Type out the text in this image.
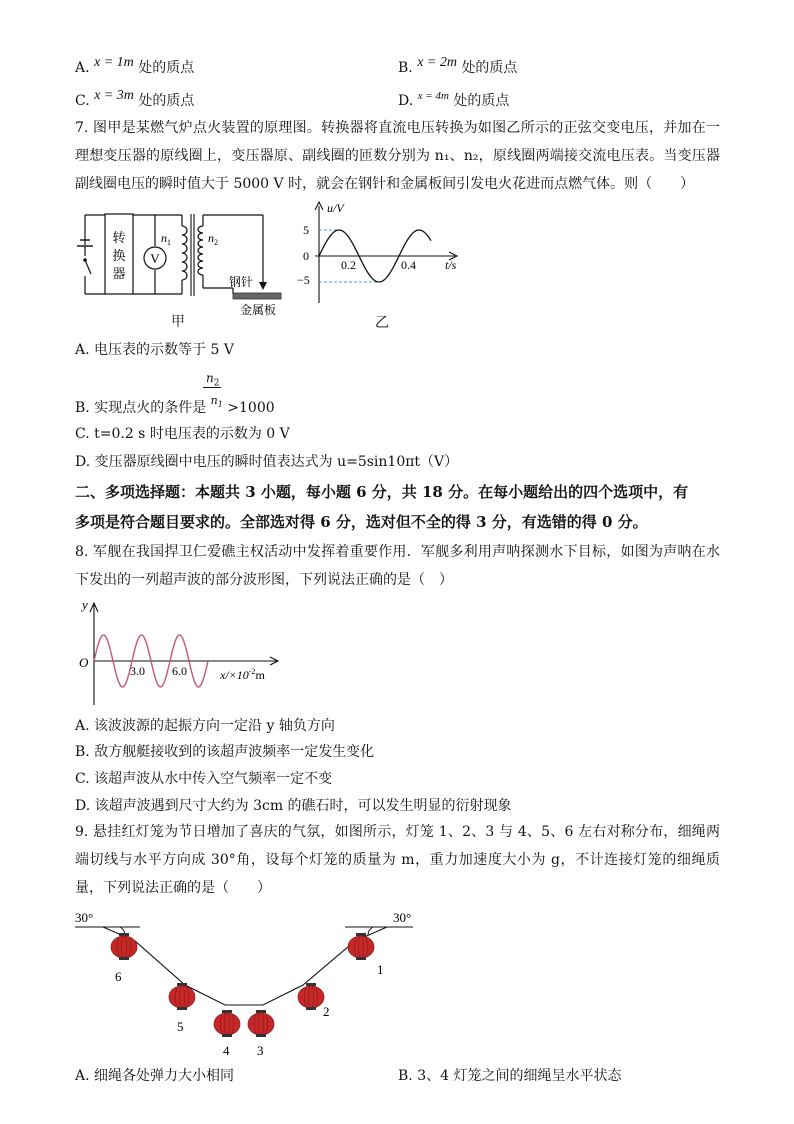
A. x = 1m 处的质点	B. x = 2m 处的质点
C. x = 3m 处的质点	D. $^{x = 4m}$ 处的质点
7. 图甲是某燃气炉点火装置的原理图。转换器将直流电压转换为如图乙所示的正弦交变电压，并加在一理想变压器的原线圈上，变压器原、副线圈的匝数分别为 n₁、n₂，原线圈两端接交流电压表。当变压器副线圈电压的瞬时值大于 5000 V 时，就会在钢针和金属板间引发电火花进而点燃气体。则（　　）
转
换
器
V
$n_1$	$n_2$
钢针
金属板
甲
u/V
t/s
5
0
−5
0.2	0.4
乙
A. 电压表的示数等于 5 V
$n_2$
B. 实现点火的条件是 $^{n_1}$ >1000
C. t=0.2 s 时电压表的示数为 0 V
D. 变压器原线圈中电压的瞬时值表达式为 u=5sin10πt（V）
二、多项选择题：本题共 3 小题，每小题 6 分，共 18 分。在每小题给出的四个选项中，有
多项是符合题目要求的。全部选对得 6 分，选对但不全的得 3 分，有选错的得 0 分。
8. 军舰在我国捍卫仁爱礁主权活动中发挥着重要作用．军舰多利用声呐探测水下目标，如图为声呐在水下发出的一列超声波的部分波形图，下列说法正确的是（　）
y
O
3.0 6.0	$x/\times 10^{-2}m$
A. 该波波源的起振方向一定沿 y 轴负方向
B. 敌方舰艇接收到的该超声波频率一定发生变化
C. 该超声波从水中传入空气频率一定不变
D. 该超声波遇到尺寸大约为 3cm 的礁石时，可以发生明显的衍射现象
9. 悬挂红灯笼为节日增加了喜庆的气氛，如图所示，灯笼 1、2、3 与 4、5、6 左右对称分布，细绳两端切线与水平方向成 30°角，设每个灯笼的质量为 m，重力加速度大小为 g，不计连接灯笼的细绳质量，下列说法正确的是（　　）
30°	30°
1
2
3
4
5
6
A. 细绳各处弹力大小相同	B. 3、4 灯笼之间的细绳呈水平状态
